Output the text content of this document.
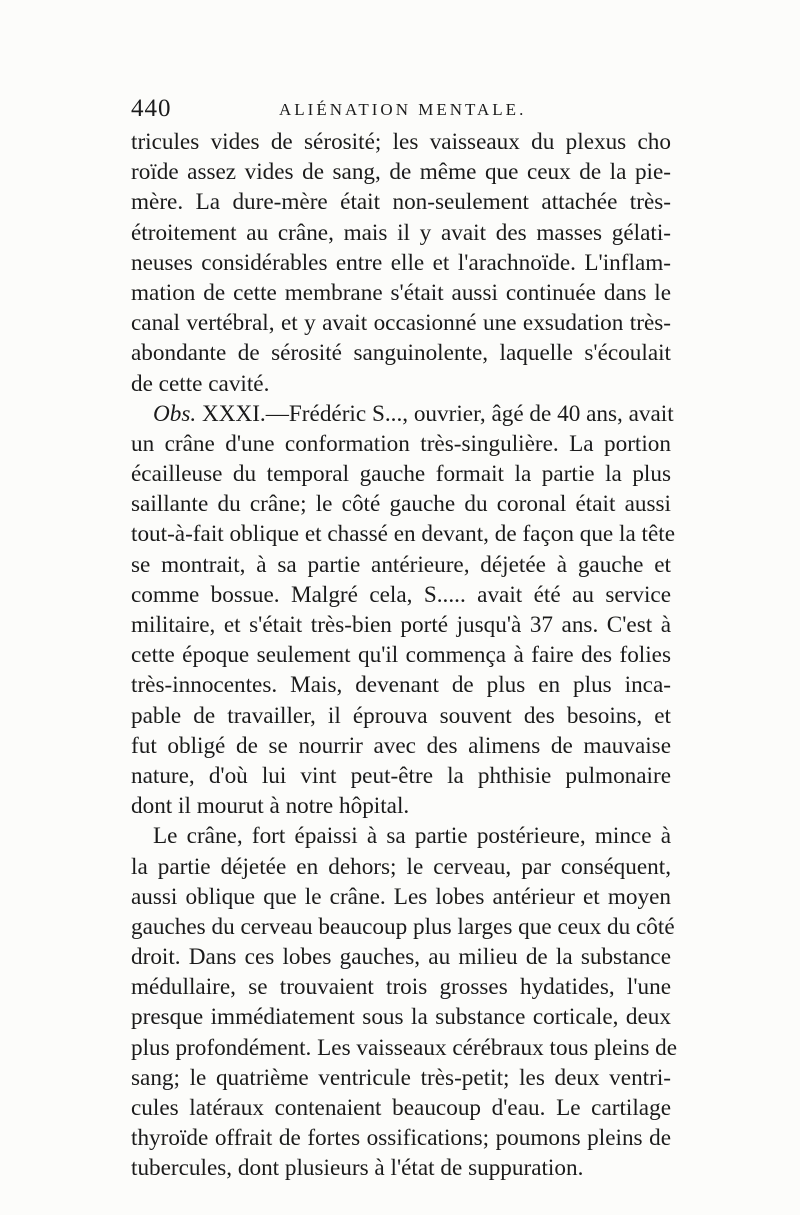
440	ALIÉNATION MENTALE.
tricules vides de sérosité; les vaisseaux du plexus cho
roïde assez vides de sang, de même que ceux de la pie-
mère. La dure-mère était non-seulement attachée très-
étroitement au crâne, mais il y avait des masses gélati-
neuses considérables entre elle et l'arachnoïde. L'inflam-
mation de cette membrane s'était aussi continuée dans le
canal vertébral, et y avait occasionné une exsudation très-
abondante de sérosité sanguinolente, laquelle s'écoulait
de cette cavité.
Obs. XXXI.—Frédéric S..., ouvrier, âgé de 40 ans, avait
un crâne d'une conformation très-singulière. La portion
écailleuse du temporal gauche formait la partie la plus
saillante du crâne; le côté gauche du coronal était aussi
tout-à-fait oblique et chassé en devant, de façon que la tête
se montrait, à sa partie antérieure, déjetée à gauche et
comme bossue. Malgré cela, S..... avait été au service
militaire, et s'était très-bien porté jusqu'à 37 ans. C'est à
cette époque seulement qu'il commença à faire des folies
très-innocentes. Mais, devenant de plus en plus inca-
pable de travailler, il éprouva souvent des besoins, et
fut obligé de se nourrir avec des alimens de mauvaise
nature, d'où lui vint peut-être la phthisie pulmonaire
dont il mourut à notre hôpital.
Le crâne, fort épaissi à sa partie postérieure, mince à
la partie déjetée en dehors; le cerveau, par conséquent,
aussi oblique que le crâne. Les lobes antérieur et moyen
gauches du cerveau beaucoup plus larges que ceux du côté
droit. Dans ces lobes gauches, au milieu de la substance
médullaire, se trouvaient trois grosses hydatides, l'une
presque immédiatement sous la substance corticale, deux
plus profondément. Les vaisseaux cérébraux tous pleins de
sang; le quatrième ventricule très-petit; les deux ventri-
cules latéraux contenaient beaucoup d'eau. Le cartilage
thyroïde offrait de fortes ossifications; poumons pleins de
tubercules, dont plusieurs à l'état de suppuration.
